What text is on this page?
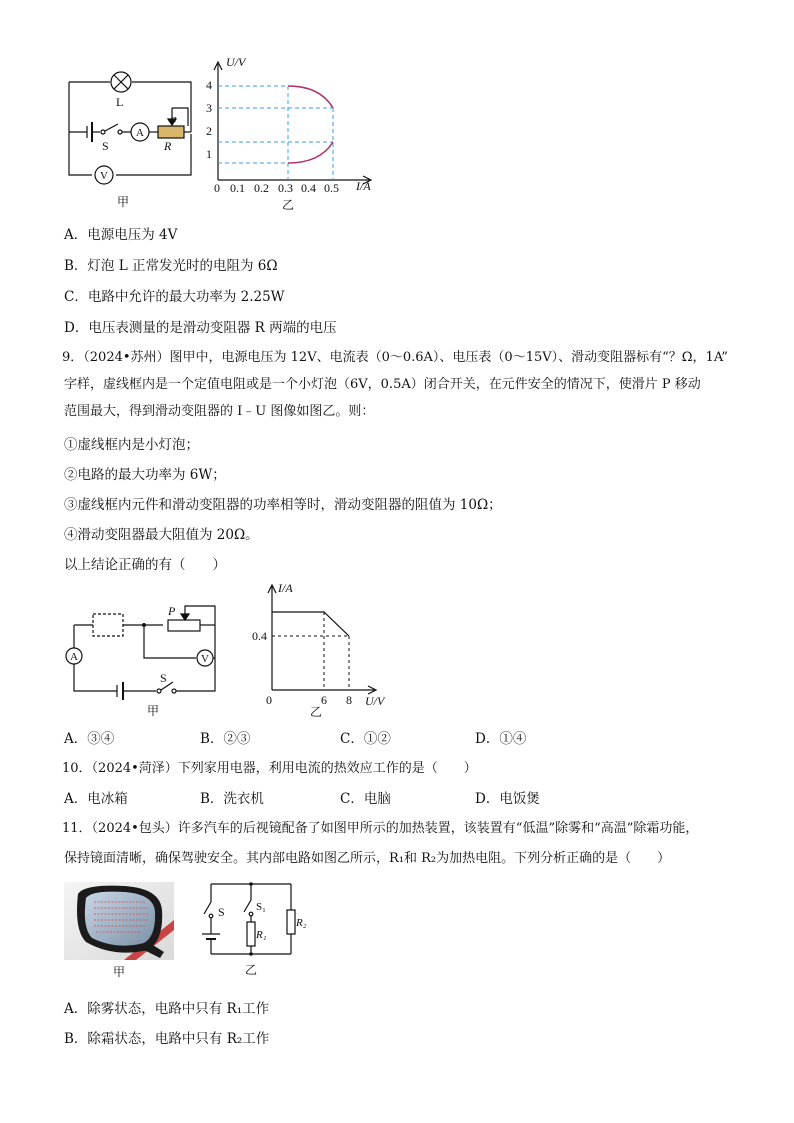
L
S
A
R
a
V
甲
U/V
I/A
1
2
3
4
0 0.1 0.2 0.3 0.4 0.5
乙
A．电源电压为 4V
B．灯泡 L 正常发光时的电阻为 6Ω
C．电路中允许的最大功率为 2.25W
D．电压表测量的是滑动变阻器 R 两端的电压
9．（2024•苏州）图甲中，电源电压为 12V、电流表（0～0.6A）、电压表（0～15V）、滑动变阻器标有“？Ω，1A”
字样，虚线框内是一个定值电阻或是一个小灯泡（6V，0.5A）闭合开关，在元件安全的情况下，使滑片 P 移动
范围最大，得到滑动变阻器的 I﹣U 图像如图乙。则：
①虚线框内是小灯泡；
②电路的最大功率为 6W；
③虚线框内元件和滑动变阻器的功率相等时，滑动变阻器的阻值为 10Ω；
④滑动变阻器最大阻值为 20Ω。
以上结论正确的有（　　）
A	V
S
P
甲
I/A
0.4
0	6 8 U/V
乙
A．③④	B．②③	C．①②	D．①④
10．（2024•菏泽）下列家用电器，利用电流的热效应工作的是（　　）
A．电冰箱	B．洗衣机	C．电脑	D．电饭煲
11．（2024•包头）许多汽车的后视镜配备了如图甲所示的加热装置，该装置有“低温”除雾和“高温”除霜功能，
保持镜面清晰，确保驾驶安全。其内部电路如图乙所示，R₁和 R₂为加热电阻。下列分析正确的是（　　）
甲
S	S₁
R₁
R₂
乙
A．除雾状态，电路中只有 R₁工作
B．除霜状态，电路中只有 R₂工作
